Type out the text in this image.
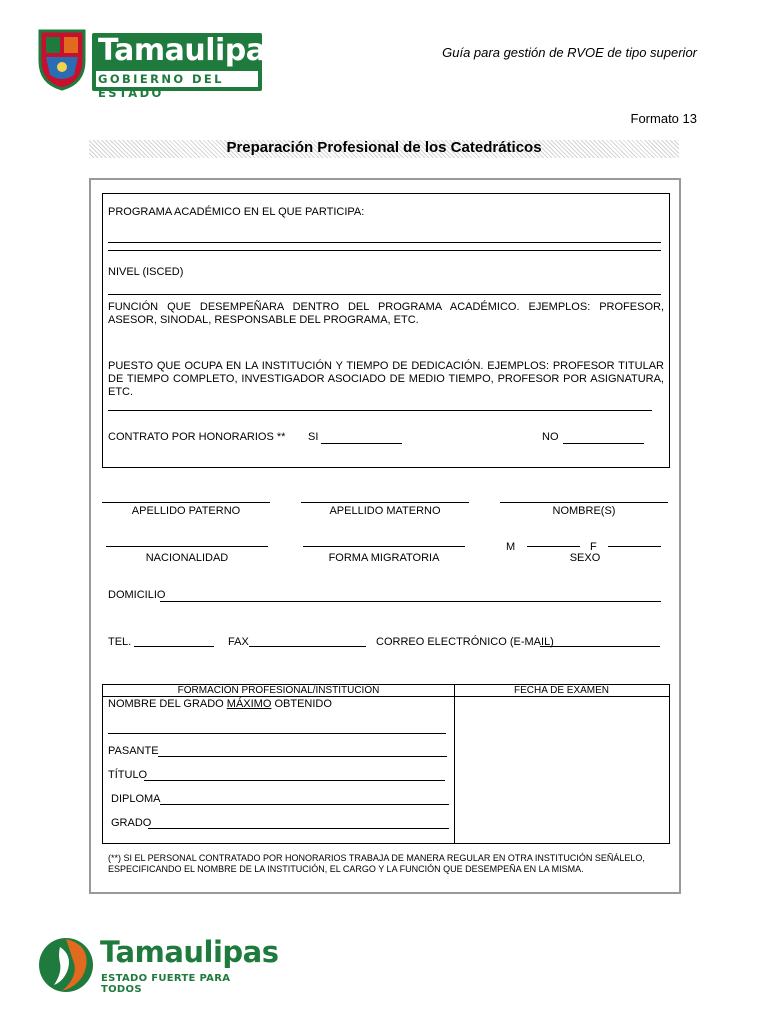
Tamaulipas
GOBIERNO DEL ESTADO
Guía para gestión de RVOE de tipo superior
Formato 13
Preparación Profesional de los Catedráticos
PROGRAMA ACADÉMICO EN EL QUE PARTICIPA:
NIVEL (ISCED)
FUNCIÓN QUE DESEMPEÑARA DENTRO DEL PROGRAMA ACADÉMICO. EJEMPLOS: PROFESOR, ASESOR, SINODAL, RESPONSABLE DEL PROGRAMA, ETC.
PUESTO QUE OCUPA EN LA INSTITUCIÓN Y TIEMPO DE DEDICACIÓN. EJEMPLOS: PROFESOR TITULAR DE TIEMPO COMPLETO, INVESTIGADOR ASOCIADO DE MEDIO TIEMPO, PROFESOR POR ASIGNATURA, ETC.
CONTRATO POR HONORARIOS ** SI	NO
APELLIDO PATERNO	APELLIDO MATERNO	NOMBRE(S)
M	F
NACIONALIDAD	FORMA MIGRATORIA	SEXO
DOMICILIO
TEL.	FAX	CORREO ELECTRÓNICO (E-MAIL)
FORMACIÓN PROFESIONAL/INSTITUCIÓN	FECHA DE EXAMEN
NOMBRE DEL GRADO MÁXIMO OBTENIDO
PASANTE
TÍTULO
DIPLOMA
GRADO
(**) SI EL PERSONAL CONTRATADO POR HONORARIOS TRABAJA DE MANERA REGULAR EN OTRA INSTITUCIÓN SEÑÁLELO, ESPECIFICANDO EL NOMBRE DE LA INSTITUCIÓN, EL CARGO Y LA FUNCIÓN QUE DESEMPEÑA EN LA MISMA.
Tamaulipas
ESTADO FUERTE PARA TODOS
